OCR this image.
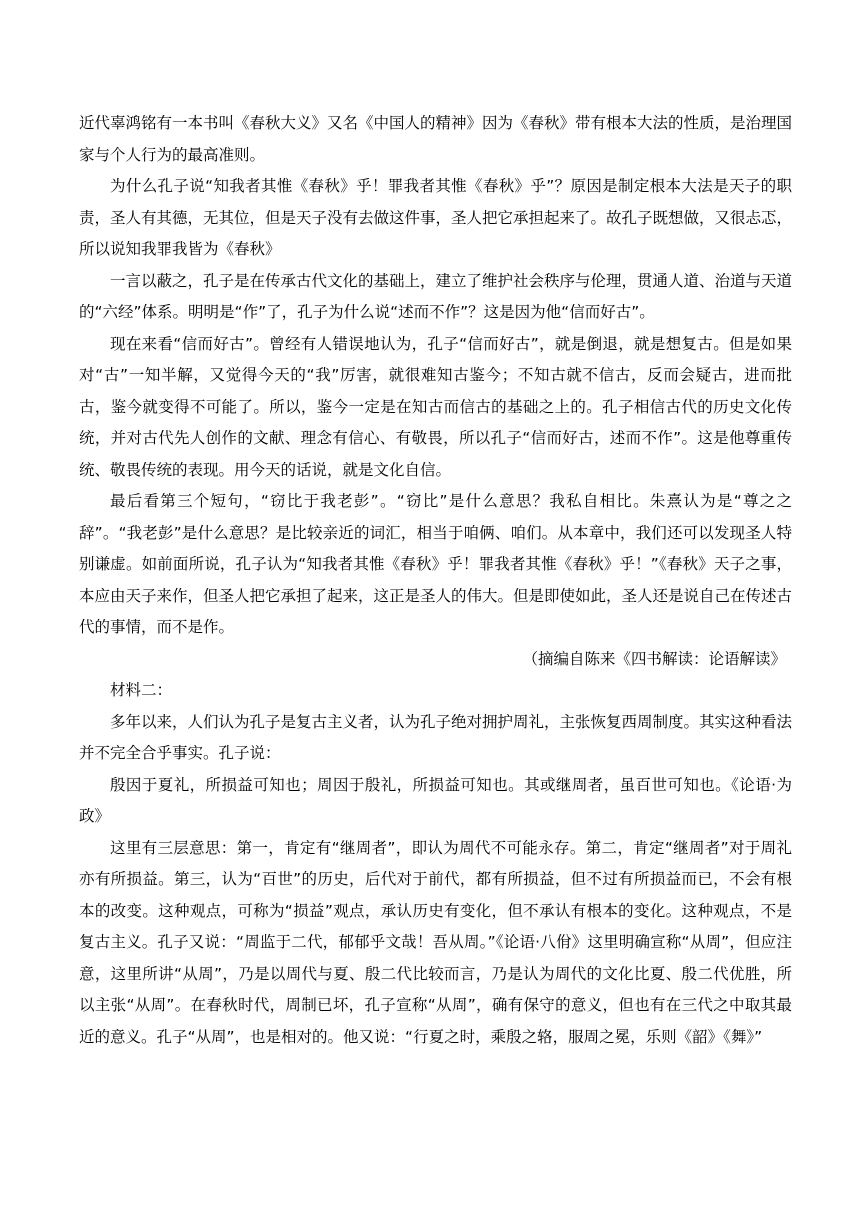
近代辜鸿铭有一本书叫《春秋大义》又名《中国人的精神》因为《春秋》带有根本大法的性质，是治理国家与个人行为的最高准则。

为什么孔子说“知我者其惟《春秋》乎！罪我者其惟《春秋》乎”？原因是制定根本大法是天子的职责，圣人有其德，无其位，但是天子没有去做这件事，圣人把它承担起来了。故孔子既想做，又很忐忑，所以说知我罪我皆为《春秋》

一言以蔽之，孔子是在传承古代文化的基础上，建立了维护社会秩序与伦理，贯通人道、治道与天道的“六经”体系。明明是“作”了，孔子为什么说“述而不作”？这是因为他“信而好古”。

现在来看“信而好古”。曾经有人错误地认为，孔子“信而好古”，就是倒退，就是想复古。但是如果对“古”一知半解，又觉得今天的“我”厉害，就很难知古鉴今；不知古就不信古，反而会疑古，进而批古，鉴今就变得不可能了。所以，鉴今一定是在知古而信古的基础之上的。孔子相信古代的历史文化传统，并对古代先人创作的文献、理念有信心、有敬畏，所以孔子“信而好古，述而不作”。这是他尊重传统、敬畏传统的表现。用今天的话说，就是文化自信。

最后看第三个短句，“窃比于我老彭”。“窃比”是什么意思？我私自相比。朱熹认为是“尊之之辞”。“我老彭”是什么意思？是比较亲近的词汇，相当于咱俩、咱们。从本章中，我们还可以发现圣人特别谦虚。如前面所说，孔子认为“知我者其惟《春秋》乎！罪我者其惟《春秋》乎！”《春秋》天子之事，本应由天子来作，但圣人把它承担了起来，这正是圣人的伟大。但是即使如此，圣人还是说自己在传述古代的事情，而不是作。

（摘编自陈来《四书解读：论语解读》

材料二：

多年以来，人们认为孔子是复古主义者，认为孔子绝对拥护周礼，主张恢复西周制度。其实这种看法并不完全合乎事实。孔子说：

殷因于夏礼，所损益可知也；周因于殷礼，所损益可知也。其或继周者，虽百世可知也。《论语·为政》

这里有三层意思：第一，肯定有“继周者”，即认为周代不可能永存。第二，肯定“继周者”对于周礼亦有所损益。第三，认为“百世”的历史，后代对于前代，都有所损益，但不过有所损益而已，不会有根本的改变。这种观点，可称为“损益”观点，承认历史有变化，但不承认有根本的变化。这种观点，不是复古主义。孔子又说：“周监于二代，郁郁乎文哉！吾从周。”《论语·八佾》这里明确宣称“从周”，但应注意，这里所讲“从周”，乃是以周代与夏、殷二代比较而言，乃是认为周代的文化比夏、殷二代优胜，所以主张“从周”。在春秋时代，周制已坏，孔子宣称“从周”，确有保守的意义，但也有在三代之中取其最近的意义。孔子“从周”，也是相对的。他又说：“行夏之时，乘殷之辂，服周之冕，乐则《韶》《舞》”
